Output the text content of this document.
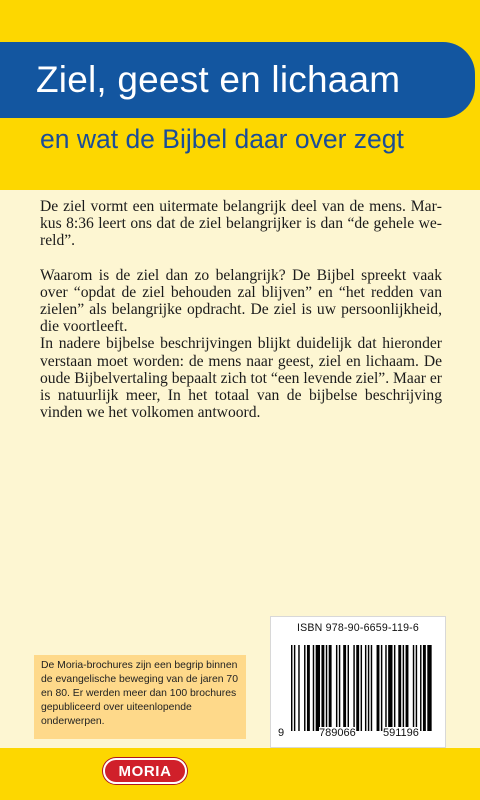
Ziel, geest en lichaam
en wat de Bijbel daar over zegt

De ziel vormt een uitermate belangrijk deel van de mens. Markus 8:36 leert ons dat de ziel belangrijker is dan “de gehele wereld”.

Waarom is de ziel dan zo belangrijk? De Bijbel spreekt vaak over “opdat de ziel behouden zal blijven” en “het redden van zielen” als belangrijke opdracht. De ziel is uw persoonlijkheid, die voortleeft.

In nadere bijbelse beschrijvingen blijkt duidelijk dat hieronder verstaan moet worden: de mens naar geest, ziel en lichaam. De oude Bijbelvertaling bepaalt zich tot “een levende ziel”. Maar er is natuurlijk meer, In het totaal van de bijbelse beschrijving vinden we het volkomen antwoord.

De Moria-brochures zijn een begrip binnen de evangelische beweging van de jaren 70 en 80. Er werden meer dan 100 brochures gepubliceerd over uiteenlopende onderwerpen.
ISBN 978-90-6659-119-6
9	789066 591196
MORIA
